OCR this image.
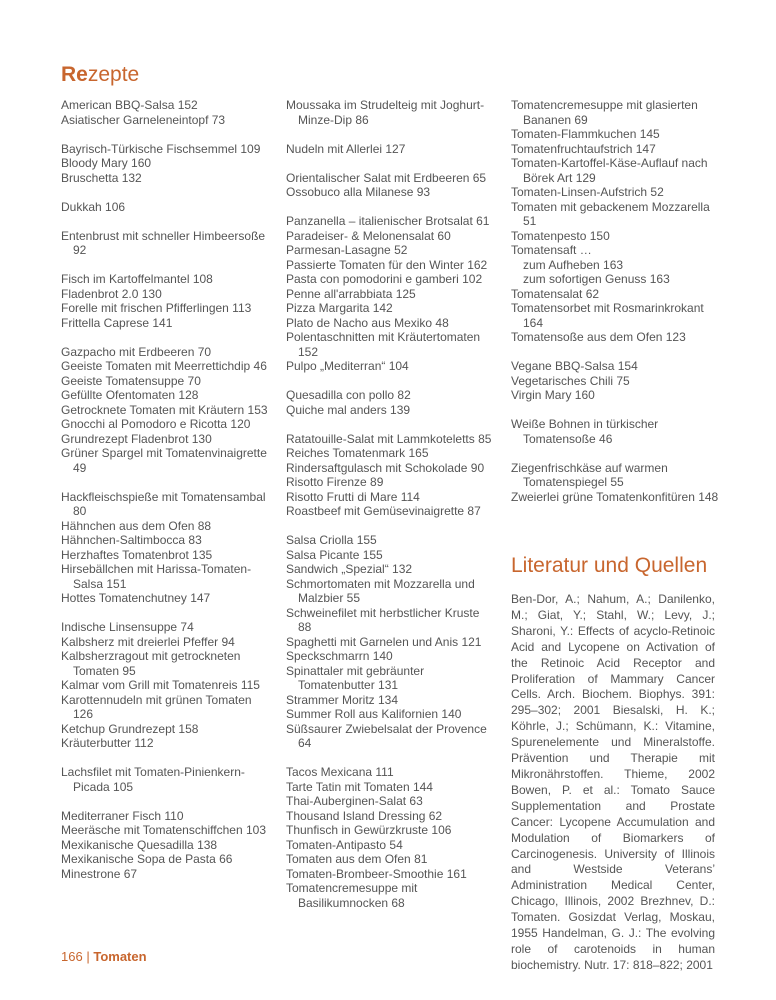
Rezepte
American BBQ-Salsa 152
Asiatischer Garneleneintopf 73
Bayrisch-Türkische Fischsemmel 109
Bloody Mary 160
Bruschetta 132
Dukkah 106
Entenbrust mit schneller Himbeersoße 92
Fisch im Kartoffelmantel 108
Fladenbrot 2.0 130
Forelle mit frischen Pfifferlingen 113
Frittella Caprese 141
Gazpacho mit Erdbeeren 70
Geeiste Tomaten mit Meerrettichdip 46
Geeiste Tomatensuppe 70
Gefüllte Ofentomaten 128
Getrocknete Tomaten mit Kräutern 153
Gnocchi al Pomodoro e Ricotta 120
Grundrezept Fladenbrot 130
Grüner Spargel mit Tomatenvinaigrette 49
Hackfleischspieße mit Tomatensambal 80
Hähnchen aus dem Ofen 88
Hähnchen-Saltimbocca 83
Herzhaftes Tomatenbrot 135
Hirsebällchen mit Harissa-Tomaten-Salsa 151
Hottes Tomatenchutney 147
Indische Linsensuppe 74
Kalbsherz mit dreierlei Pfeffer 94
Kalbsherzragout mit getrockneten Tomaten 95
Kalmar vom Grill mit Tomatenreis 115
Karottennudeln mit grünen Tomaten 126
Ketchup Grundrezept 158
Kräuterbutter 112
Lachsfilet mit Tomaten-Pinienkern-Picada 105
Mediterraner Fisch 110
Meeräsche mit Tomatenschiffchen 103
Mexikanische Quesadilla 138
Mexikanische Sopa de Pasta 66
Minestrone 67
Moussaka im Strudelteig mit Joghurt-Minze-Dip 86
Nudeln mit Allerlei 127
Orientalischer Salat mit Erdbeeren 65
Ossobuco alla Milanese 93
Panzanella – italienischer Brotsalat 61
Paradeiser- & Melonensalat 60
Parmesan-Lasagne 52
Passierte Tomaten für den Winter 162
Pasta con pomodorini e gamberi 102
Penne all'arrabbiata 125
Pizza Margarita 142
Plato de Nacho aus Mexiko 48
Polentaschnitten mit Kräutertomaten 152
Pulpo „Mediterran“ 104
Quesadilla con pollo 82
Quiche mal anders 139
Ratatouille-Salat mit Lammkoteletts 85
Reiches Tomatenmark 165
Rindersaftgulasch mit Schokolade 90
Risotto Firenze 89
Risotto Frutti di Mare 114
Roastbeef mit Gemüsevinaigrette 87
Salsa Criolla 155
Salsa Picante 155
Sandwich „Spezial“ 132
Schmortomaten mit Mozzarella und Malzbier 55
Schweinefilet mit herbstlicher Kruste 88
Spaghetti mit Garnelen und Anis 121
Speckschmarrn 140
Spinattaler mit gebräunter Tomatenbutter 131
Strammer Moritz 134
Summer Roll aus Kalifornien 140
Süßsaurer Zwiebelsalat der Provence 64
Tacos Mexicana 111
Tarte Tatin mit Tomaten 144
Thai-Auberginen-Salat 63
Thousand Island Dressing 62
Thunfisch in Gewürzkruste 106
Tomaten-Antipasto 54
Tomaten aus dem Ofen 81
Tomaten-Brombeer-Smoothie 161
Tomatencremesuppe mit Basilikumnocken 68
Tomatencremesuppe mit glasierten Bananen 69
Tomaten-Flammkuchen 145
Tomatenfruchtaufstrich 147
Tomaten-Kartoffel-Käse-Auflauf nach Börek Art 129
Tomaten-Linsen-Aufstrich 52
Tomaten mit gebackenem Mozzarella 51
Tomatenpesto 150
Tomatensaft …
zum Aufheben 163
zum sofortigen Genuss 163
Tomatensalat 62
Tomatensorbet mit Rosmarinkrokant 164
Tomatensoße aus dem Ofen 123
Vegane BBQ-Salsa 154
Vegetarisches Chili 75
Virgin Mary 160
Weiße Bohnen in türkischer Tomatensoße 46
Ziegenfrischkäse auf warmen Tomatenspiegel 55
Zweierlei grüne Tomatenkonfitüren 148
Literatur und Quellen
Ben-Dor, A.; Nahum, A.; Danilenko, M.; Giat, Y.; Stahl, W.; Levy, J.; Sharoni, Y.: Effects of acyclo-Retinoic Acid and Lycopene on Activation of the Retinoic Acid Receptor and Proliferation of Mammary Cancer Cells. Arch. Biochem. Biophys. 391: 295–302; 2001 Biesalski, H. K.; Köhrle, J.; Schümann, K.: Vitamine, Spurenelemente und Mineralstoffe. Prävention und Therapie mit Mikronährstoffen. Thieme, 2002 Bowen, P. et al.: Tomato Sauce Supplementation and Prostate Cancer: Lycopene Accumulation and Modulation of Biomarkers of Carcinogenesis. University of Illinois and Westside Veterans’ Administration Medical Center, Chicago, Illinois, 2002 Brezhnev, D.: Tomaten. Gosizdat Verlag, Moskau, 1955 Handelman, G. J.: The evolving role of carotenoids in human biochemistry. Nutr. 17: 818–822; 2001
166 | Tomaten
